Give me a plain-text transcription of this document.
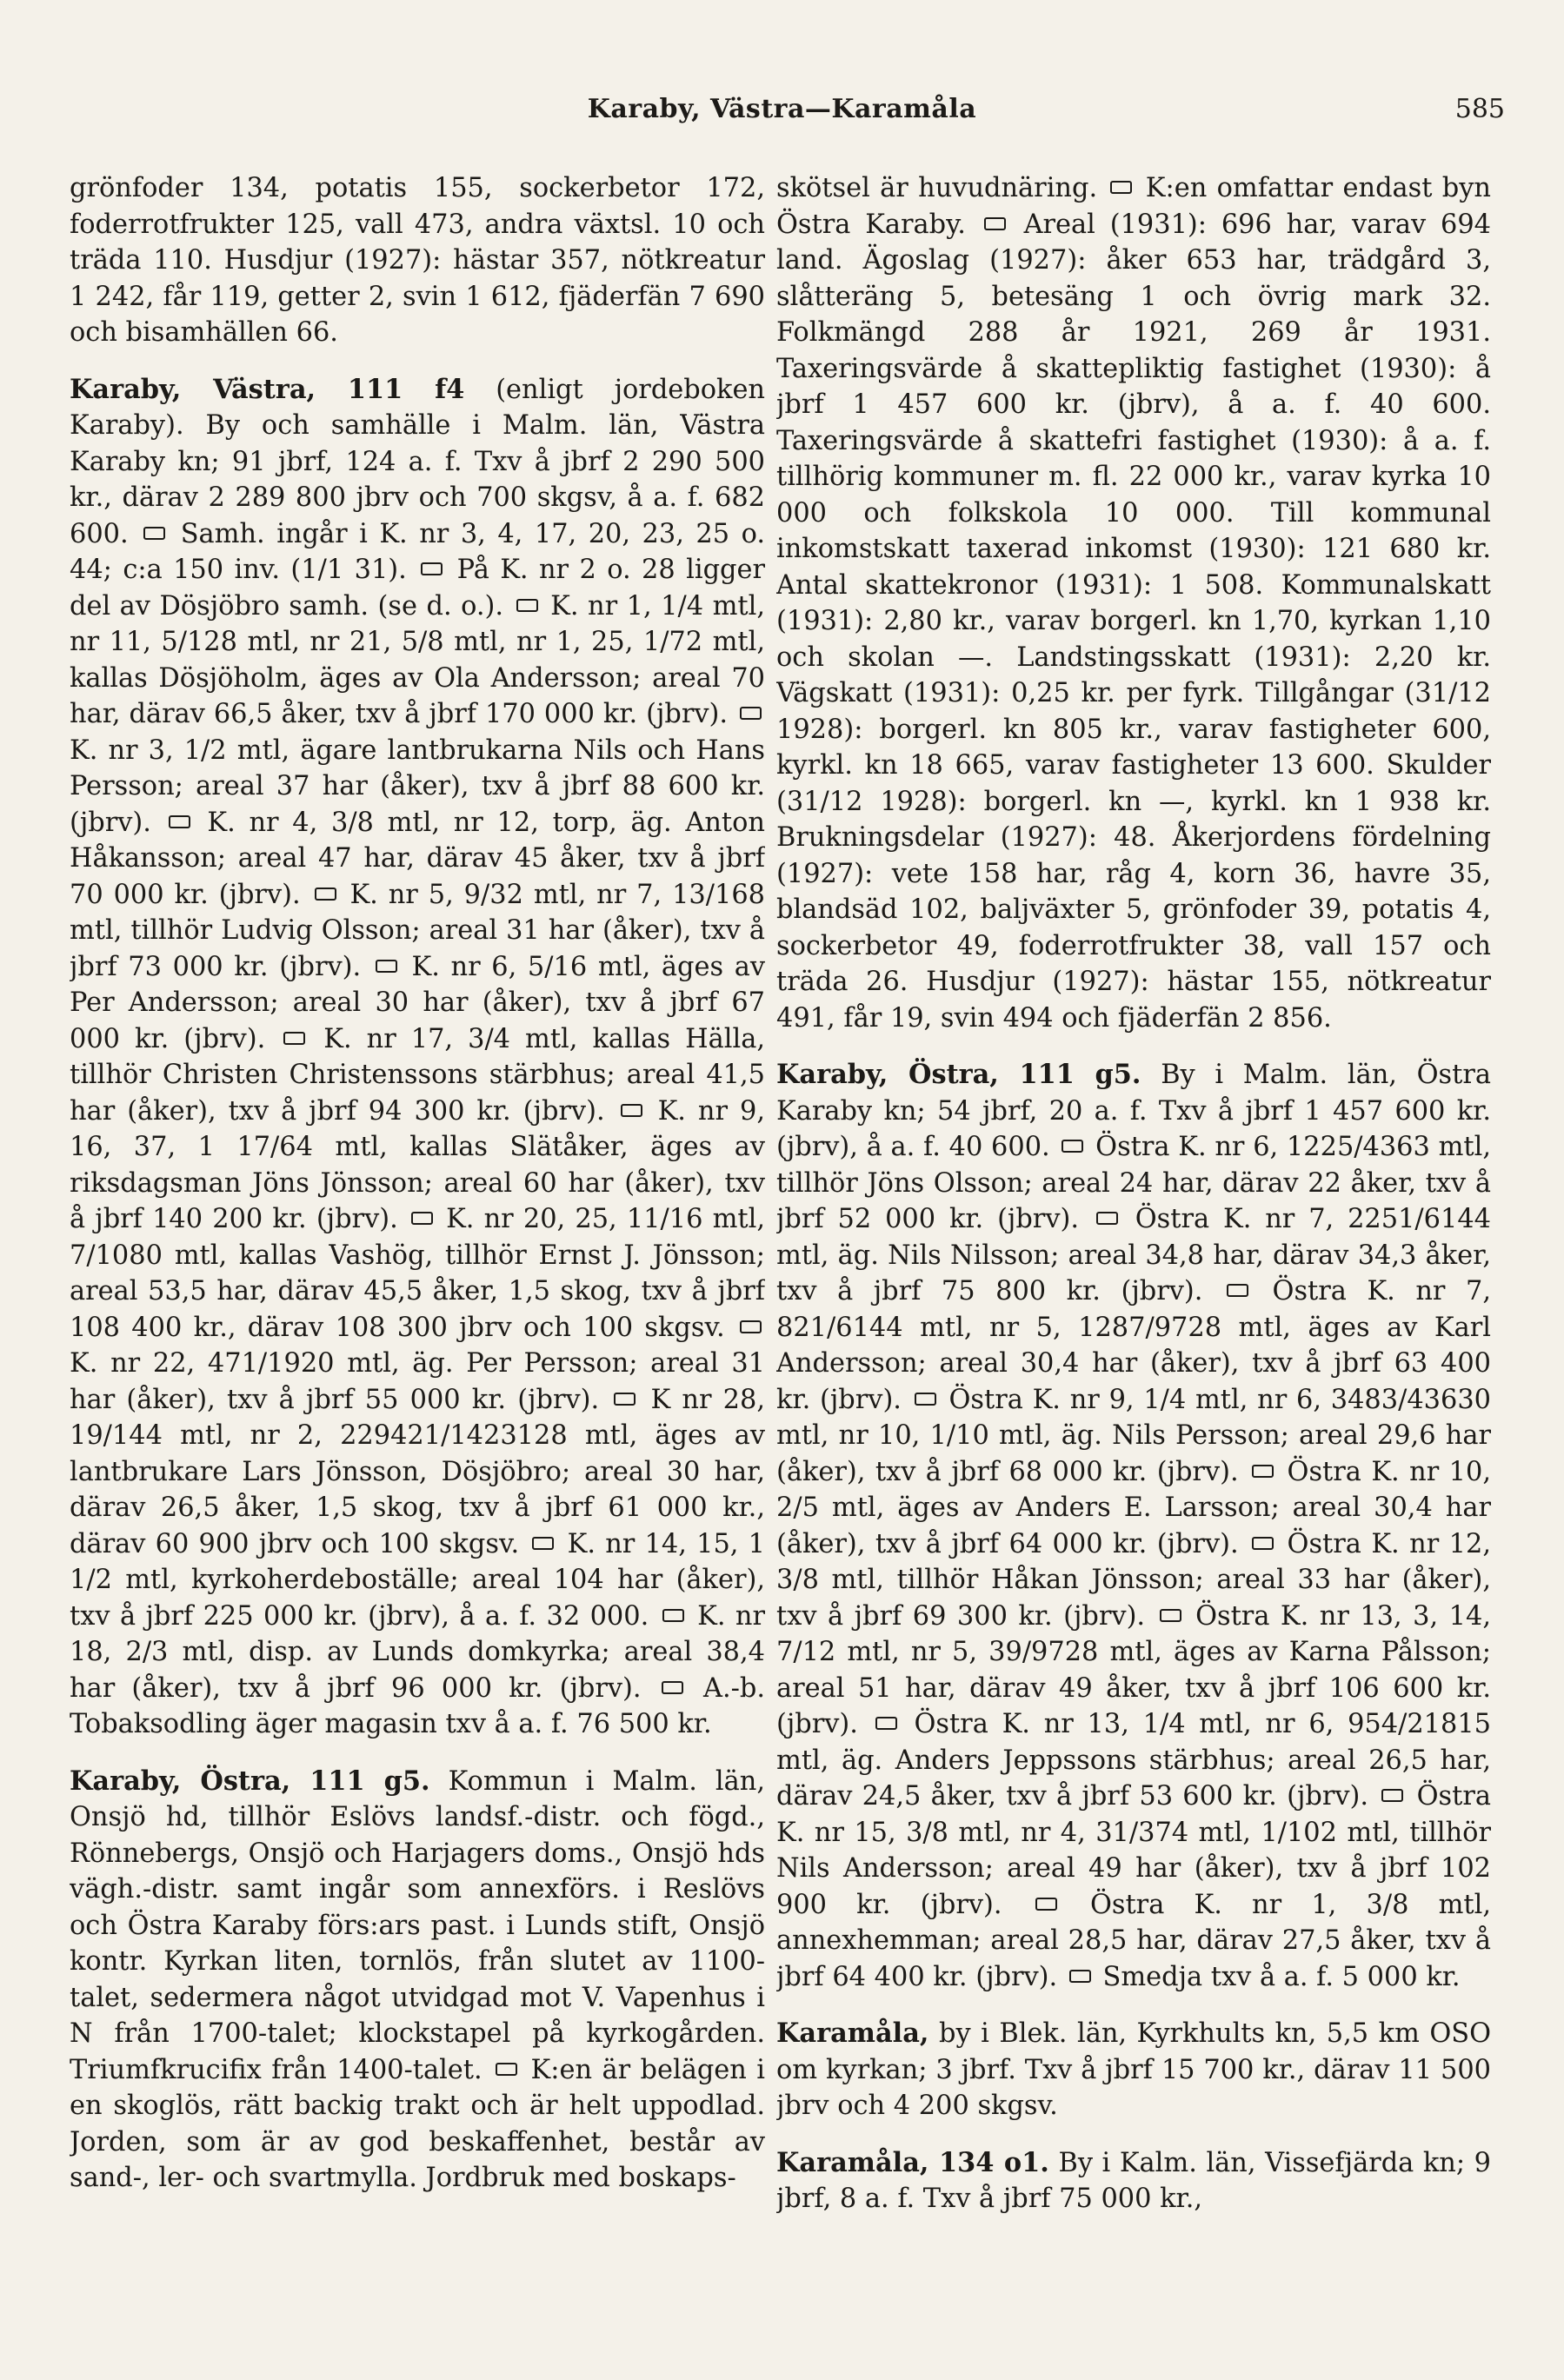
Karaby, Västra—Karamåla	585

grönfoder 134, potatis 155, sockerbetor 172, foderrotfrukter 125, vall 473, andra växtsl. 10 och träda 110. Husdjur (1927): hästar 357, nötkreatur 1 242, får 119, getter 2, svin 1 612, fjäderfän 7 690 och bisamhällen 66.

Karaby, Västra, 111 f4 (enligt jordeboken Karaby). By och samhälle i Malm. län, Västra Karaby kn; 91 jbrf, 124 a. f. Txv å jbrf 2 290 500 kr., därav 2 289 800 jbrv och 700 skgsv, å a. f. 682 600.  Samh. ingår i K. nr 3, 4, 17, 20, 23, 25 o. 44; c:a 150 inv. (1/1 31).  På K. nr 2 o. 28 ligger del av Dösjöbro samh. (se d. o.).  K. nr 1, 1/4 mtl, nr 11, 5/128 mtl, nr 21, 5/8 mtl, nr 1, 25, 1/72 mtl, kallas Dösjöholm, äges av Ola Andersson; areal 70 har, därav 66,5 åker, txv å jbrf 170 000 kr. (jbrv).  K. nr 3, 1/2 mtl, ägare lantbrukarna Nils och Hans Persson; areal 37 har (åker), txv å jbrf 88 600 kr. (jbrv).  K. nr 4, 3/8 mtl, nr 12, torp, äg. Anton Håkansson; areal 47 har, därav 45 åker, txv å jbrf 70 000 kr. (jbrv).  K. nr 5, 9/32 mtl, nr 7, 13/168 mtl, tillhör Ludvig Olsson; areal 31 har (åker), txv å jbrf 73 000 kr. (jbrv).  K. nr 6, 5/16 mtl, äges av Per Andersson; areal 30 har (åker), txv å jbrf 67 000 kr. (jbrv).  K. nr 17, 3/4 mtl, kallas Hälla, tillhör Christen Christenssons stärbhus; areal 41,5 har (åker), txv å jbrf 94 300 kr. (jbrv).  K. nr 9, 16, 37, 1 17/64 mtl, kallas Slätåker, äges av riksdagsman Jöns Jönsson; areal 60 har (åker), txv å jbrf 140 200 kr. (jbrv).  K. nr 20, 25, 11/16 mtl, 7/1080 mtl, kallas Vashög, tillhör Ernst J. Jönsson; areal 53,5 har, därav 45,5 åker, 1,5 skog, txv å jbrf 108 400 kr., därav 108 300 jbrv och 100 skgsv.  K. nr 22, 471/1920 mtl, äg. Per Persson; areal 31 har (åker), txv å jbrf 55 000 kr. (jbrv).  K nr 28, 19/144 mtl, nr 2, 229421/1423128 mtl, äges av lantbrukare Lars Jönsson, Dösjöbro; areal 30 har, därav 26,5 åker, 1,5 skog, txv å jbrf 61 000 kr., därav 60 900 jbrv och 100 skgsv.  K. nr 14, 15, 1 1/2 mtl, kyrkoherdeboställe; areal 104 har (åker), txv å jbrf 225 000 kr. (jbrv), å a. f. 32 000.  K. nr 18, 2/3 mtl, disp. av Lunds domkyrka; areal 38,4 har (åker), txv å jbrf 96 000 kr. (jbrv).  A.-b. Tobaksodling äger magasin txv å a. f. 76 500 kr.

Karaby, Östra, 111 g5. Kommun i Malm. län, Onsjö hd, tillhör Eslövs landsf.-distr. och fögd., Rönnebergs, Onsjö och Harjagers doms., Onsjö hds vägh.-distr. samt ingår som annexförs. i Reslövs och Östra Karaby förs:ars past. i Lunds stift, Onsjö kontr. Kyrkan liten, tornlös, från slutet av 1100-talet, sedermera något utvidgad mot V. Vapenhus i N från 1700-talet; klockstapel på kyrkogården. Triumfkrucifix från 1400-talet.  K:en är belägen i en skoglös, rätt backig trakt och är helt uppodlad. Jorden, som är av god beskaffenhet, består av sand-, ler- och svartmylla. Jordbruk med boskaps-

skötsel är huvudnäring.  K:en omfattar endast byn Östra Karaby.  Areal (1931): 696 har, varav 694 land. Ägoslag (1927): åker 653 har, trädgård 3, slåtteräng 5, betesäng 1 och övrig mark 32. Folkmängd 288 år 1921, 269 år 1931. Taxeringsvärde å skattepliktig fastighet (1930): å jbrf 1 457 600 kr. (jbrv), å a. f. 40 600. Taxeringsvärde å skattefri fastighet (1930): å a. f. tillhörig kommuner m. fl. 22 000 kr., varav kyrka 10 000 och folkskola 10 000. Till kommunal inkomstskatt taxerad inkomst (1930): 121 680 kr. Antal skattekronor (1931): 1 508. Kommunalskatt (1931): 2,80 kr., varav borgerl. kn 1,70, kyrkan 1,10 och skolan —. Landstingsskatt (1931): 2,20 kr. Vägskatt (1931): 0,25 kr. per fyrk. Tillgångar (31/12 1928): borgerl. kn 805 kr., varav fastigheter 600, kyrkl. kn 18 665, varav fastigheter 13 600. Skulder (31/12 1928): borgerl. kn —, kyrkl. kn 1 938 kr. Brukningsdelar (1927): 48. Åkerjordens fördelning (1927): vete 158 har, råg 4, korn 36, havre 35, blandsäd 102, baljväxter 5, grönfoder 39, potatis 4, sockerbetor 49, foderrotfrukter 38, vall 157 och träda 26. Husdjur (1927): hästar 155, nötkreatur 491, får 19, svin 494 och fjäderfän 2 856.

Karaby, Östra, 111 g5. By i Malm. län, Östra Karaby kn; 54 jbrf, 20 a. f. Txv å jbrf 1 457 600 kr. (jbrv), å a. f. 40 600.  Östra K. nr 6, 1225/4363 mtl, tillhör Jöns Olsson; areal 24 har, därav 22 åker, txv å jbrf 52 000 kr. (jbrv).  Östra K. nr 7, 2251/6144 mtl, äg. Nils Nilsson; areal 34,8 har, därav 34,3 åker, txv å jbrf 75 800 kr. (jbrv).  Östra K. nr 7, 821/6144 mtl, nr 5, 1287/9728 mtl, äges av Karl Andersson; areal 30,4 har (åker), txv å jbrf 63 400 kr. (jbrv).  Östra K. nr 9, 1/4 mtl, nr 6, 3483/43630 mtl, nr 10, 1/10 mtl, äg. Nils Persson; areal 29,6 har (åker), txv å jbrf 68 000 kr. (jbrv).  Östra K. nr 10, 2/5 mtl, äges av Anders E. Larsson; areal 30,4 har (åker), txv å jbrf 64 000 kr. (jbrv).  Östra K. nr 12, 3/8 mtl, tillhör Håkan Jönsson; areal 33 har (åker), txv å jbrf 69 300 kr. (jbrv).  Östra K. nr 13, 3, 14, 7/12 mtl, nr 5, 39/9728 mtl, äges av Karna Pålsson; areal 51 har, därav 49 åker, txv å jbrf 106 600 kr. (jbrv).  Östra K. nr 13, 1/4 mtl, nr 6, 954/21815 mtl, äg. Anders Jeppssons stärbhus; areal 26,5 har, därav 24,5 åker, txv å jbrf 53 600 kr. (jbrv).  Östra K. nr 15, 3/8 mtl, nr 4, 31/374 mtl, 1/102 mtl, tillhör Nils Andersson; areal 49 har (åker), txv å jbrf 102 900 kr. (jbrv).  Östra K. nr 1, 3/8 mtl, annexhemman; areal 28,5 har, därav 27,5 åker, txv å jbrf 64 400 kr. (jbrv).  Smedja txv å a. f. 5 000 kr.

Karamåla, by i Blek. län, Kyrkhults kn, 5,5 km OSO om kyrkan; 3 jbrf. Txv å jbrf 15 700 kr., därav 11 500 jbrv och 4 200 skgsv.

Karamåla, 134 o1. By i Kalm. län, Vissefjärda kn; 9 jbrf, 8 a. f. Txv å jbrf 75 000 kr.,
